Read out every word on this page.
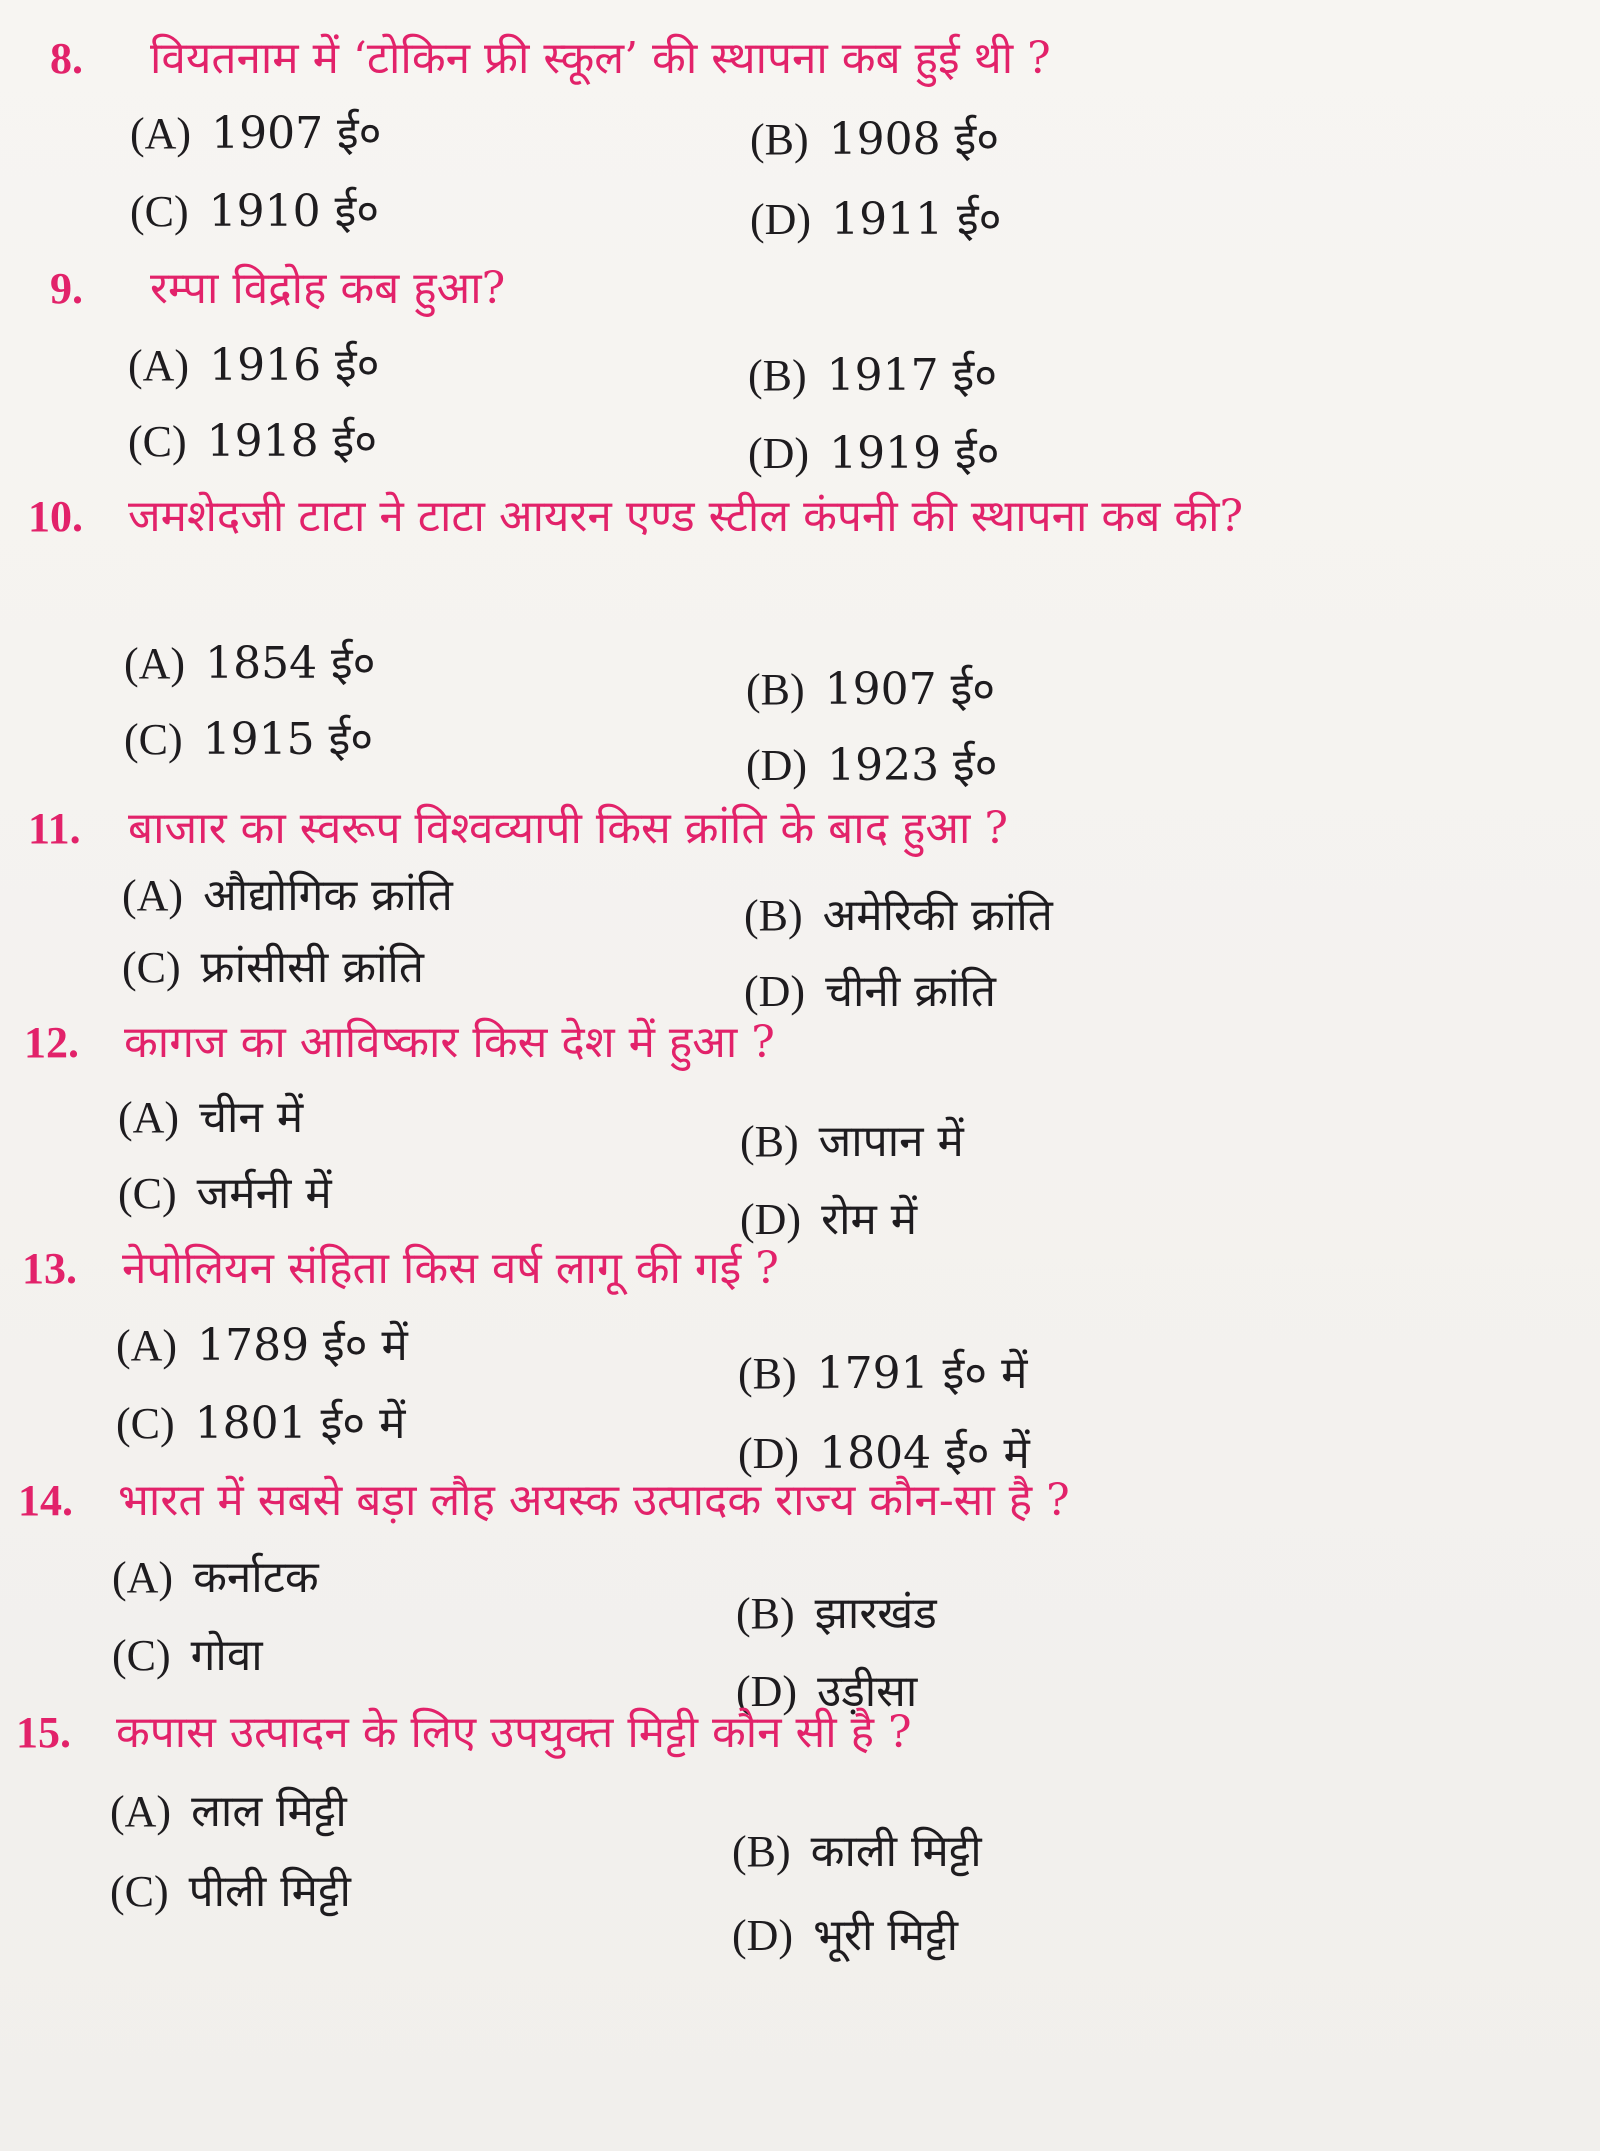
8. वियतनाम में ‘टोकिन फ्री स्कूल’ की स्थापना कब हुई थी ?
(A) 1907 ई०	(B) 1908 ई०
(C) 1910 ई०	(D) 1911 ई०
9. रम्पा विद्रोह कब हुआ?
(A) 1916 ई०	(B) 1917 ई०
(C) 1918 ई०	(D) 1919 ई०
10. जमशेदजी टाटा ने टाटा आयरन एण्ड स्टील कंपनी की स्थापना कब की?
(A) 1854 ई०
(B) 1907 ई०
(C) 1915 ई०
(D) 1923 ई०
11. बाजार का स्वरूप विश्वव्यापी किस क्रांति के बाद हुआ ?
(A) औद्योगिक क्रांति	(B) अमेरिकी क्रांति
(C) फ्रांसीसी क्रांति	(D) चीनी क्रांति
12. कागज का आविष्कार किस देश में हुआ ?
(A) चीन में	(B) जापान में
(C) जर्मनी में
(D) रोम में
13. नेपोलियन संहिता किस वर्ष लागू की गई ?
(A) 1789 ई० में
(B) 1791 ई० में
(C) 1801 ई० में
(D) 1804 ई० में
14. भारत में सबसे बड़ा लौह अयस्क उत्पादक राज्य कौन-सा है ?
(A) कर्नाटक
(B) झारखंड
(C) गोवा
(D) उड़ीसा
15. कपास उत्पादन के लिए उपयुक्त मिट्टी कौन सी है ?
(A) लाल मिट्टी
(B) काली मिट्टी
(C) पीली मिट्टी
(D) भूरी मिट्टी
